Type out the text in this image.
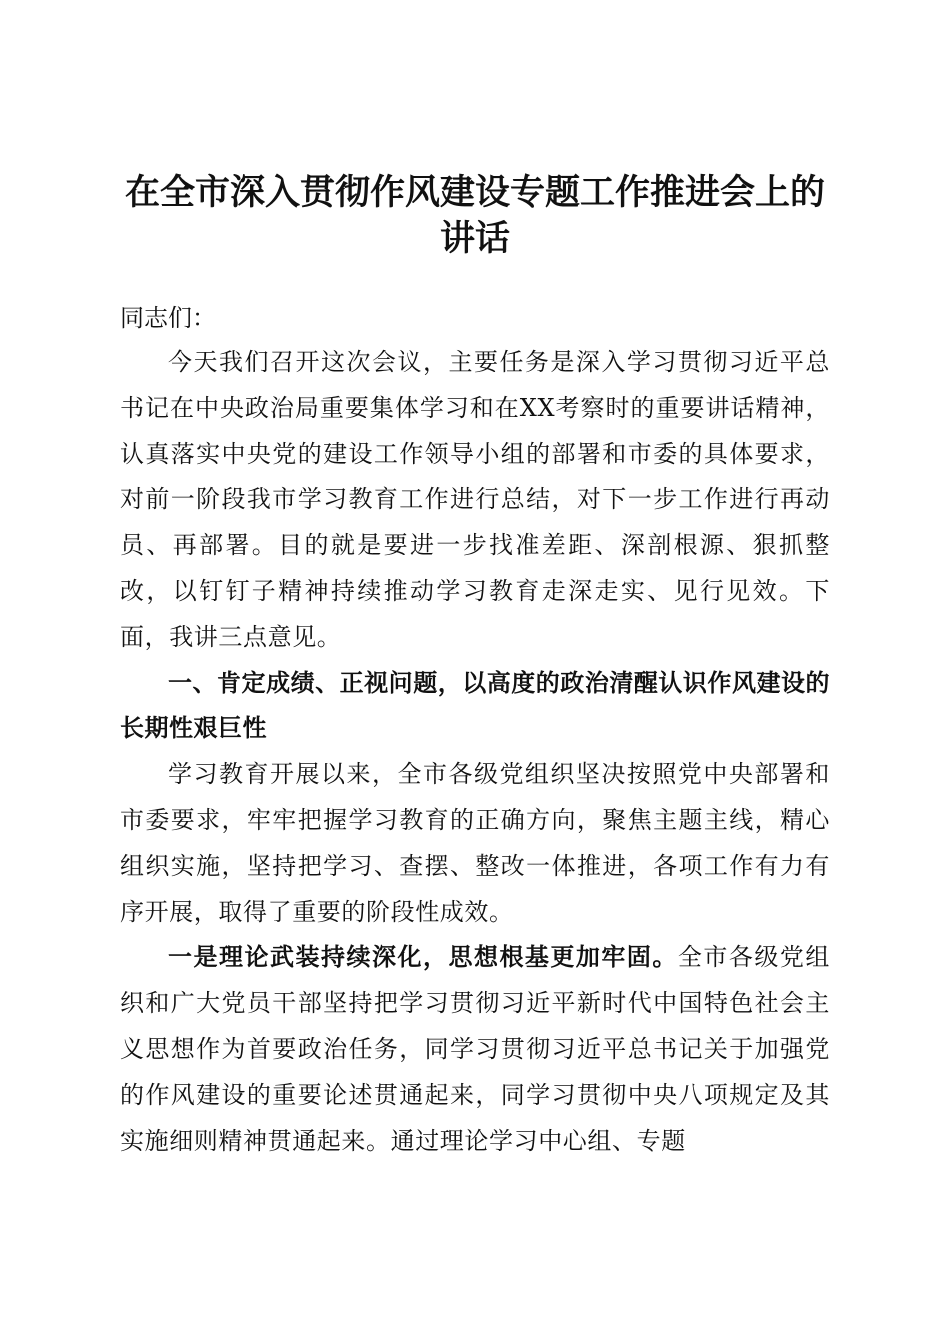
在全市深入贯彻作风建设专题工作推进会上的
讲话

同志们：

今天我们召开这次会议，主要任务是深入学习贯彻习近平总书记在中央政治局重要集体学习和在XX考察时的重要讲话精神，认真落实中央党的建设工作领导小组的部署和市委的具体要求，对前一阶段我市学习教育工作进行总结，对下一步工作进行再动员、再部署。目的就是要进一步找准差距、深剖根源、狠抓整改，以钉钉子精神持续推动学习教育走深走实、见行见效。下面，我讲三点意见。

一、肯定成绩、正视问题，以高度的政治清醒认识作风建设的长期性艰巨性

学习教育开展以来，全市各级党组织坚决按照党中央部署和市委要求，牢牢把握学习教育的正确方向，聚焦主题主线，精心组织实施，坚持把学习、查摆、整改一体推进，各项工作有力有序开展，取得了重要的阶段性成效。

一是理论武装持续深化，思想根基更加牢固。全市各级党组织和广大党员干部坚持把学习贯彻习近平新时代中国特色社会主义思想作为首要政治任务，同学习贯彻习近平总书记关于加强党的作风建设的重要论述贯通起来，同学习贯彻中央八项规定及其实施细则精神贯通起来。通过理论学习中心组、专题
